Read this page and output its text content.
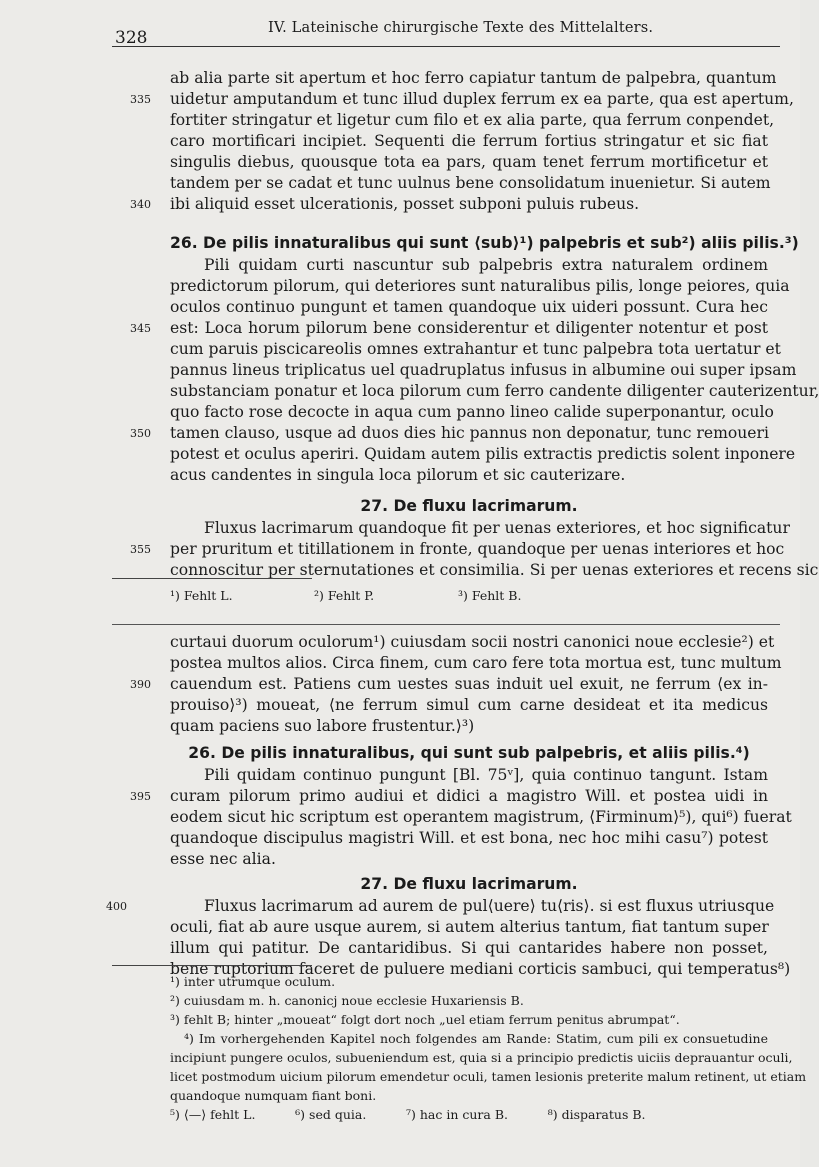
328	IV. Lateinische chirurgische Texte des Mittelalters.
ab alia parte sit apertum et hoc ferro capiatur tantum de palpebra, quantum
335	uidetur amputandum et tunc illud duplex ferrum ex ea parte, qua est apertum,
fortiter stringatur et ligetur cum filo et ex alia parte, qua ferrum conpendet,
caro mortificari incipiet. Sequenti die ferrum fortius stringatur et sic fiat
singulis diebus, quousque tota ea pars, quam tenet ferrum mortificetur et
tandem per se cadat et tunc uulnus bene consolidatum inuenietur. Si autem
340	ibi aliquid esset ulcerationis, posset subponi puluis rubeus.
26. De pilis innaturalibus qui sunt ⟨sub⟩¹) palpebris et sub²) aliis pilis.³)
Pili quidam curti nascuntur sub palpebris extra naturalem ordinem
predictorum pilorum, qui deteriores sunt naturalibus pilis, longe peiores, quia
oculos continuo pungunt et tamen quandoque uix uideri possunt. Cura hec
345	est: Loca horum pilorum bene considerentur et diligenter notentur et post
cum paruis piscicareolis omnes extrahantur et tunc palpebra tota uertatur et
pannus lineus triplicatus uel quadruplatus infusus in albumine oui super ipsam
substanciam ponatur et loca pilorum cum ferro candente diligenter cauterizentur,
quo facto rose decocte in aqua cum panno lineo calide superponantur, oculo
350	tamen clauso, usque ad duos dies hic pannus non deponatur, tunc remoueri
potest et oculus aperiri. Quidam autem pilis extractis predictis solent inponere
acus candentes in singula loca pilorum et sic cauterizare.
27. De fluxu lacrimarum.
Fluxus lacrimarum quandoque fit per uenas exteriores, et hoc significatur
355	per pruritum et titillationem in fronte, quandoque per uenas interiores et hoc
connoscitur per sternutationes et consimilia. Si per uenas exteriores et recens sic
¹) Fehlt L.	²) Fehlt P.	³) Fehlt B.
curtaui duorum oculorum¹) cuiusdam socii nostri canonici noue ecclesie²) et
postea multos alios. Circa finem, cum caro fere tota mortua est, tunc multum
390	cauendum est. Patiens cum uestes suas induit uel exuit, ne ferrum ⟨ex in-
prouiso⟩³) moueat, ⟨ne ferrum simul cum carne desideat et ita medicus
quam paciens suo labore frustentur.⟩³)
26. De pilis innaturalibus, qui sunt sub palpebris, et aliis pilis.⁴)
Pili quidam continuo pungunt [Bl. 75ᵛ], quia continuo tangunt. Istam
395	curam pilorum primo audiui et didici a magistro Will. et postea uidi in
eodem sicut hic scriptum est operantem magistrum, ⟨Firminum⟩⁵), qui⁶) fuerat
quandoque discipulus magistri Will. et est bona, nec hoc mihi casu⁷) potest
esse nec alia.
27. De fluxu lacrimarum.
400	Fluxus lacrimarum ad aurem de pul⟨uere⟩ tu⟨ris⟩. si est fluxus utriusque
oculi, fiat ab aure usque aurem, si autem alterius tantum, fiat tantum super
illum qui patitur. De cantaridibus. Si qui cantarides habere non posset,
bene ruptorium faceret de puluere mediani corticis sambuci, qui temperatus⁸)
¹) inter utrumque oculum.
²) cuiusdam m. h. canonicj noue ecclesie Huxariensis B.
³) fehlt B; hinter „moueat“ folgt dort noch „uel etiam ferrum penitus abrumpat“.
⁴) Im vorhergehenden Kapitel noch folgendes am Rande: Statim, cum pili ex consuetudine
incipiunt pungere oculos, subueniendum est, quia si a principio predictis uiciis deprauantur oculi,
licet postmodum uicium pilorum emendetur oculi, tamen lesionis preterite malum retinent, ut etiam
quandoque numquam fiant boni.
⁵) ⟨—⟩ fehlt L.          ⁶) sed quia.          ⁷) hac in cura B.          ⁸) disparatus B.
